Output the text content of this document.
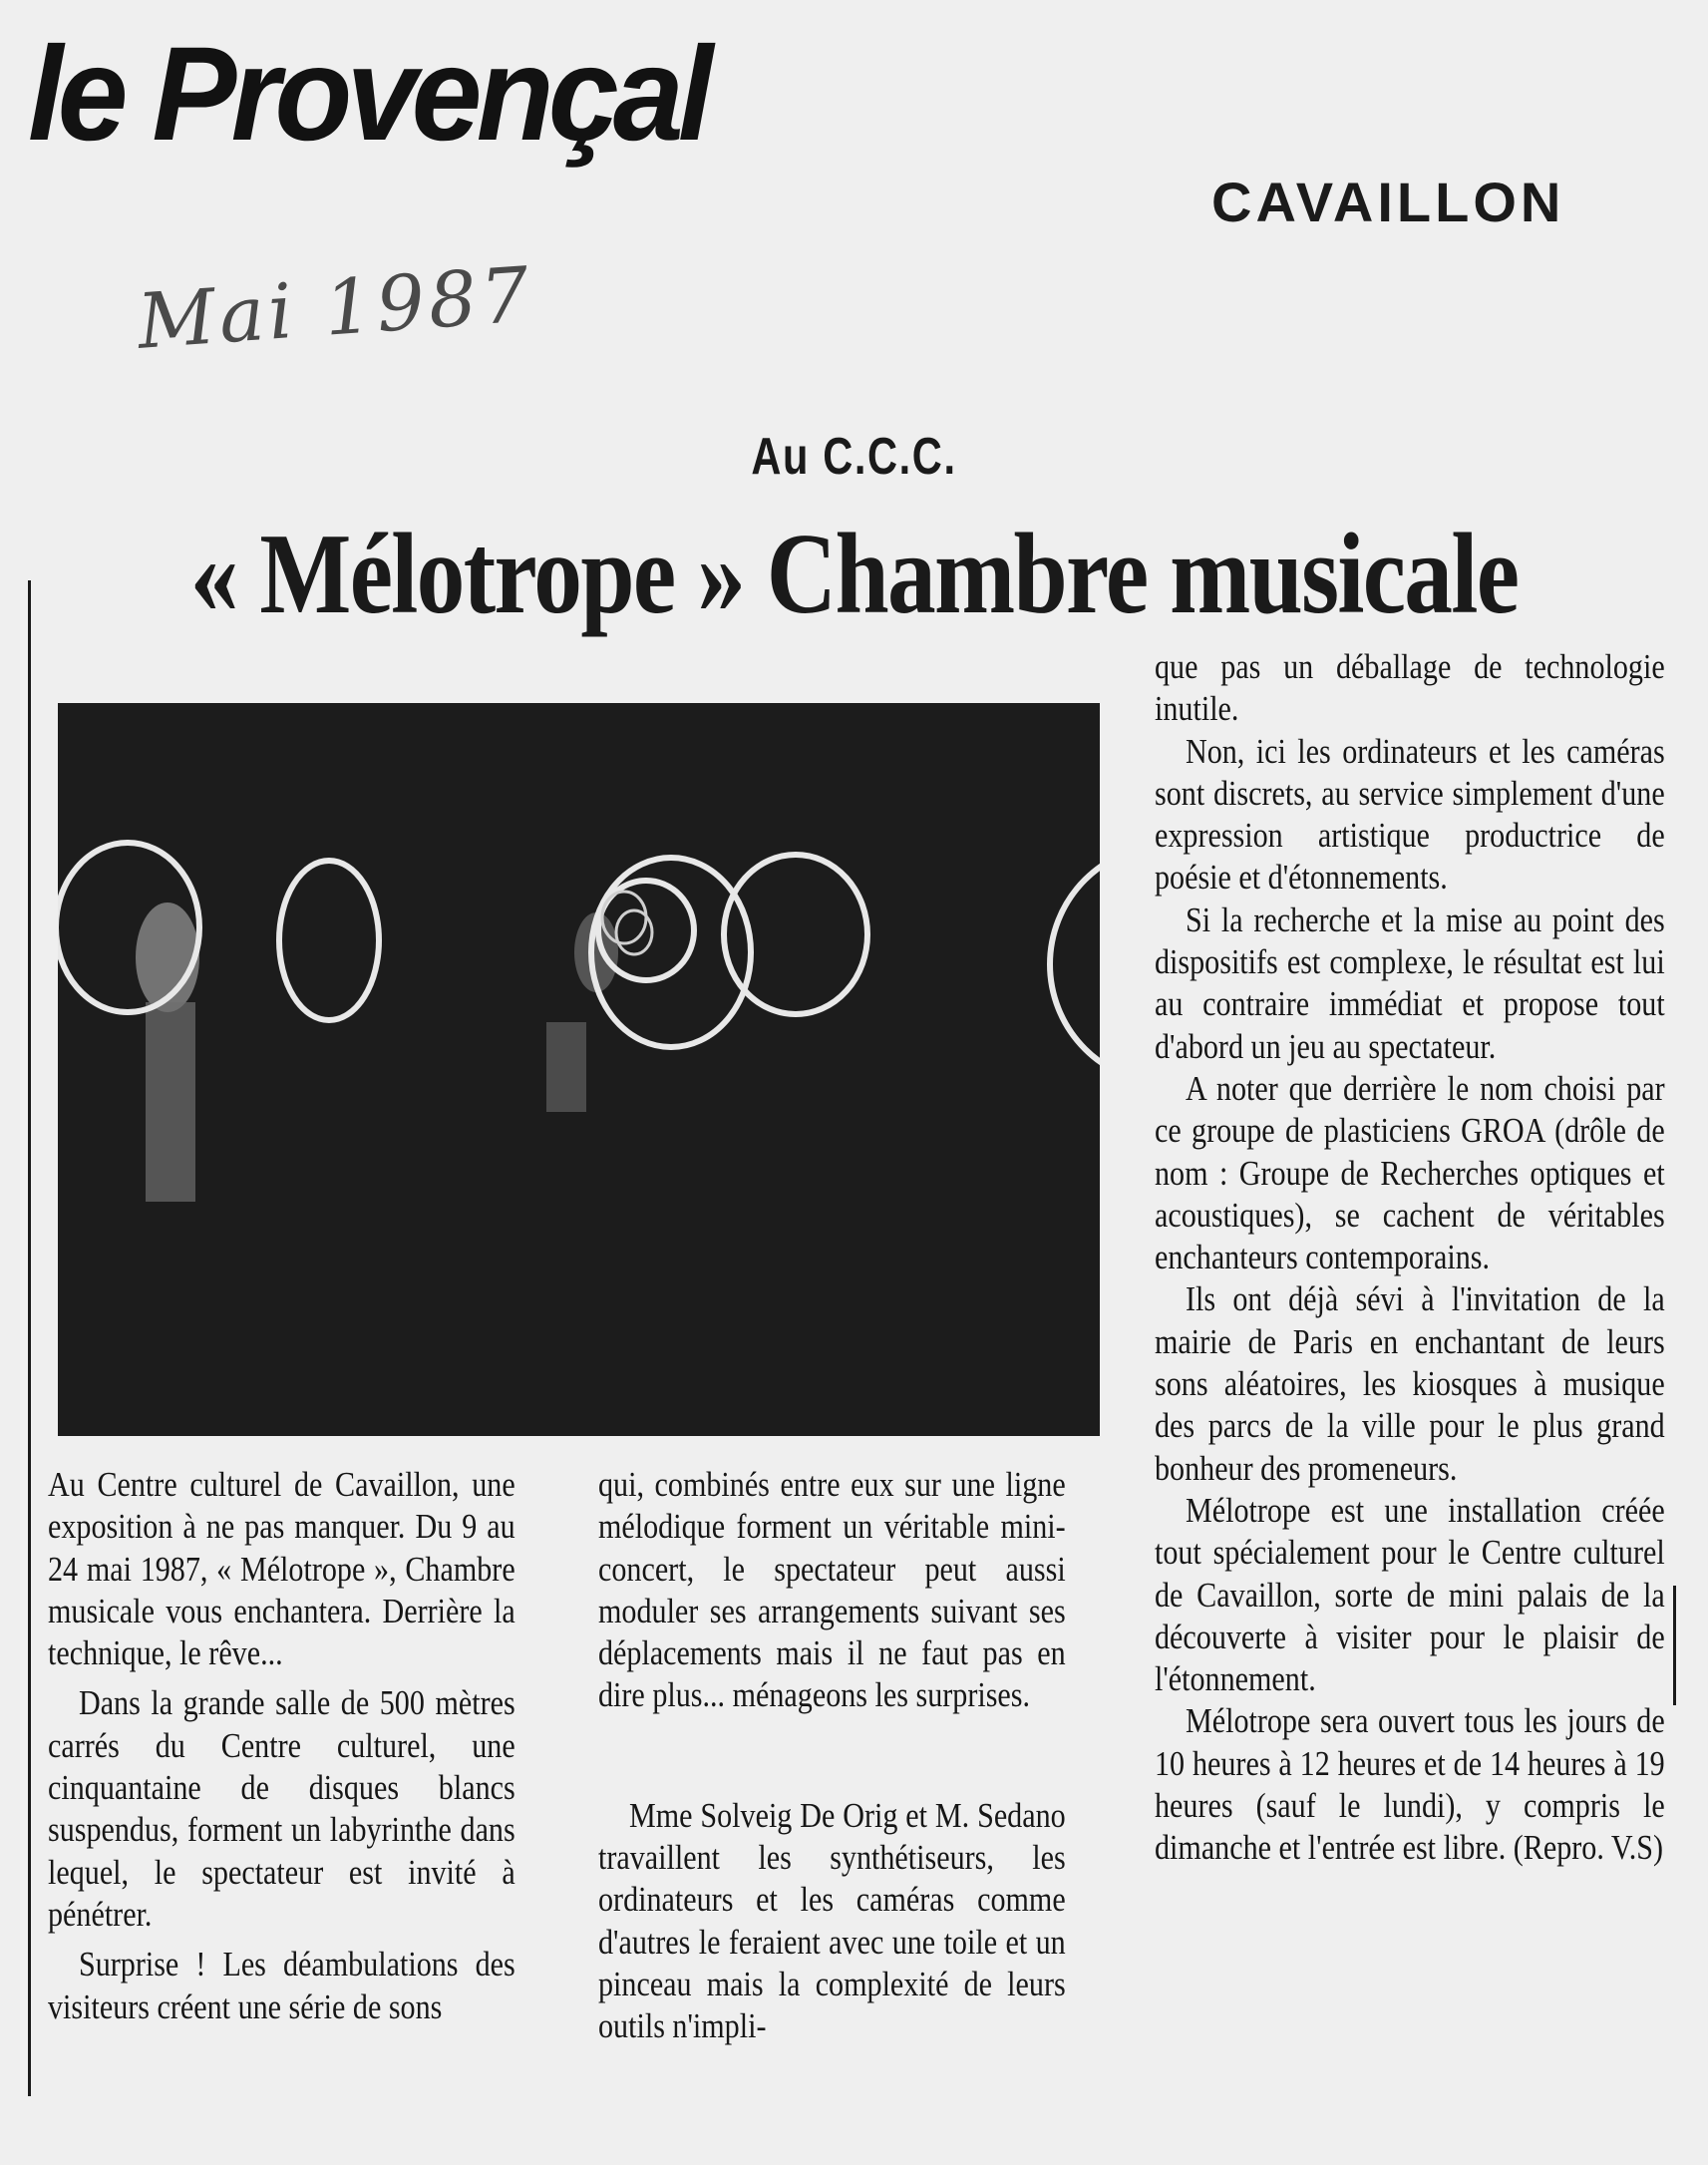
le Provençal
CAVAILLON
Mai 1987
Au C.C.C.
« Mélotrope » Chambre musicale

Au Centre culturel de Cavaillon, une exposition à ne pas manquer. Du 9 au 24 mai 1987, « Mélotrope », Chambre musicale vous enchantera. Derrière la technique, le rêve...

Dans la grande salle de 500 mètres carrés du Centre culturel, une cinquantaine de disques blancs suspendus, forment un labyrinthe dans lequel, le spectateur est invité à pénétrer.

Surprise ! Les déambulations des visiteurs créent une série de sons

qui, combinés entre eux sur une ligne mélodique forment un véritable mini-concert, le spectateur peut aussi moduler ses arrangements suivant ses déplacements mais il ne faut pas en dire plus... ménageons les surprises.

Mme Solveig De Orig et M. Sedano travaillent les synthétiseurs, les ordinateurs et les caméras comme d'autres le feraient avec une toile et un pinceau mais la complexité de leurs outils n'impli-

que pas un déballage de technologie inutile.

Non, ici les ordinateurs et les caméras sont discrets, au service simplement d'une expression artistique productrice de poésie et d'étonnements.

Si la recherche et la mise au point des dispositifs est complexe, le résultat est lui au contraire immédiat et propose tout d'abord un jeu au spectateur.

A noter que derrière le nom choisi par ce groupe de plasticiens GROA (drôle de nom : Groupe de Recherches optiques et acoustiques), se cachent de véritables enchanteurs contemporains.

Ils ont déjà sévi à l'invitation de la mairie de Paris en enchantant de leurs sons aléatoires, les kiosques à musique des parcs de la ville pour le plus grand bonheur des promeneurs.

Mélotrope est une installation créée tout spécialement pour le Centre culturel de Cavaillon, sorte de mini palais de la découverte à visiter pour le plaisir de l'étonnement.

Mélotrope sera ouvert tous les jours de 10 heures à 12 heures et de 14 heures à 19 heures (sauf le lundi), y compris le dimanche et l'entrée est libre. (Repro. V.S)
